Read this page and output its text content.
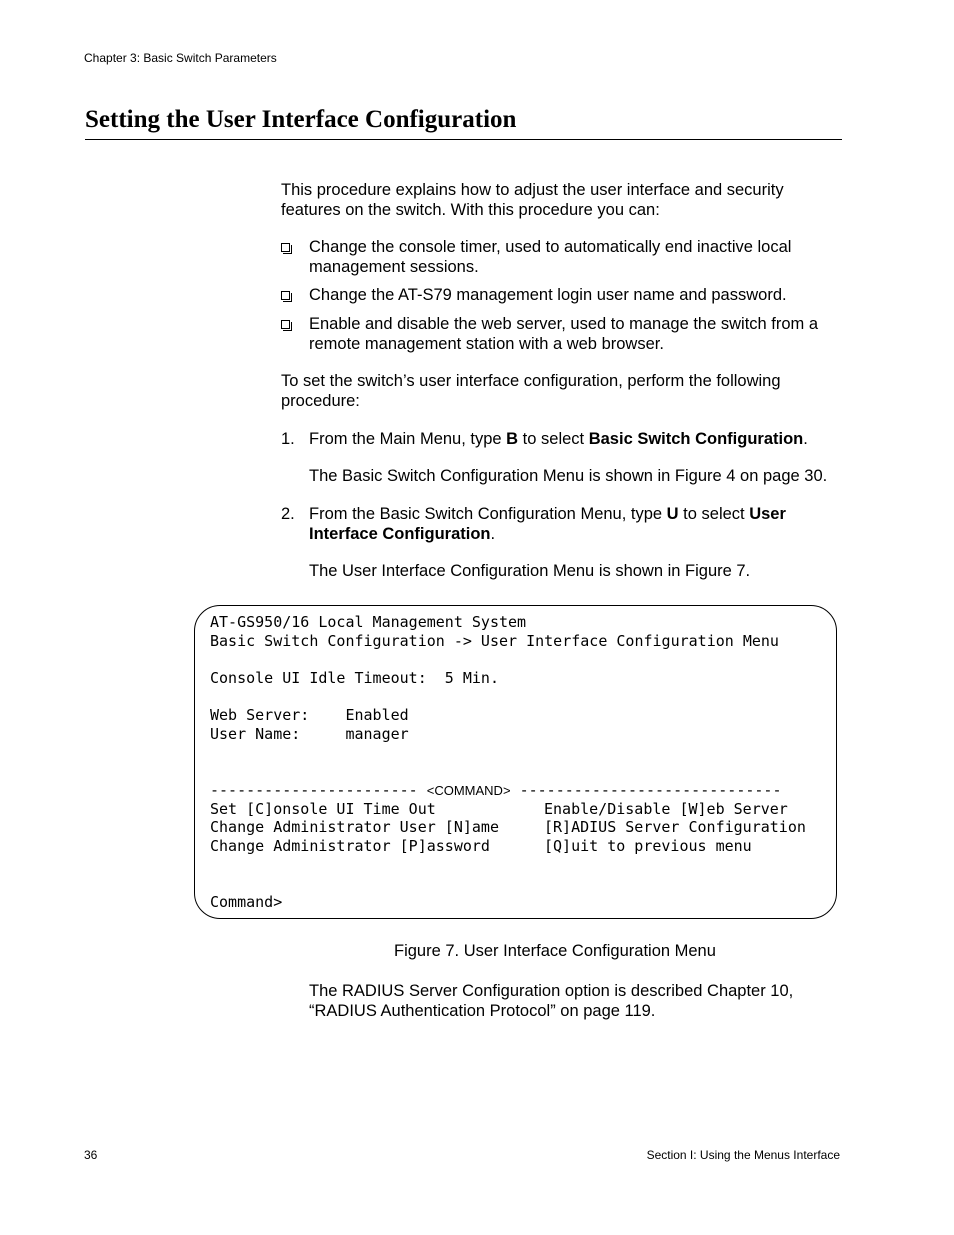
Chapter 3: Basic Switch Parameters
Setting the User Interface Configuration
This procedure explains how to adjust the user interface and security
features on the switch. With this procedure you can:
Change the console timer, used to automatically end inactive local
management sessions.
Change the AT-S79 management login user name and password.
Enable and disable the web server, used to manage the switch from a
remote management station with a web browser.
To set the switch’s user interface configuration, perform the following
procedure:
1. From the Main Menu, type B to select Basic Switch Configuration.
The Basic Switch Configuration Menu is shown in Figure 4 on page 30.
2. From the Basic Switch Configuration Menu, type U to select User
Interface Configuration.
The User Interface Configuration Menu is shown in Figure 7.
AT-GS950/16 Local Management System
Basic Switch Configuration -> User Interface Configuration Menu
Console UI Idle Timeout:  5 Min.
Web Server:    Enabled
User Name:     manager
----------------------- <COMMAND> -----------------------------
Set [C]onsole UI Time Out
Change Administrator User [N]ame
Change Administrator [P]assword
Enable/Disable [W]eb Server
[R]ADIUS Server Configuration
[Q]uit to previous menu
Command>
Figure 7. User Interface Configuration Menu
The RADIUS Server Configuration option is described Chapter 10,
“RADIUS Authentication Protocol” on page 119.
36	Section I: Using the Menus Interface
